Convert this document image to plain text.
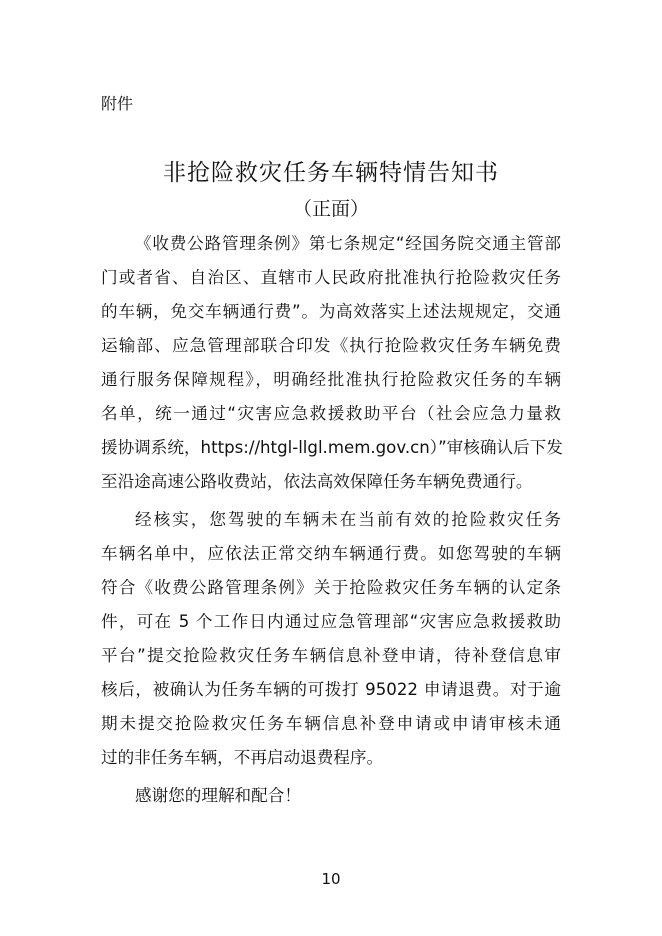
附件
非抢险救灾任务车辆特情告知书
（正面）
《收费公路管理条例》第七条规定“经国务院交通主管部
门或者省、自治区、直辖市人民政府批准执行抢险救灾任务
的车辆，免交车辆通行费”。为高效落实上述法规规定，交通
运输部、应急管理部联合印发《执行抢险救灾任务车辆免费
通行服务保障规程》，明确经批准执行抢险救灾任务的车辆
名单，统一通过“灾害应急救援救助平台（社会应急力量救
援协调系统，https://htgl-llgl.mem.gov.cn）”审核确认后下发
至沿途高速公路收费站，依法高效保障任务车辆免费通行。
经核实，您驾驶的车辆未在当前有效的抢险救灾任务
车辆名单中，应依法正常交纳车辆通行费。如您驾驶的车辆
符合《收费公路管理条例》关于抢险救灾任务车辆的认定条
件，可在 5 个工作日内通过应急管理部“灾害应急救援救助
平台”提交抢险救灾任务车辆信息补登申请，待补登信息审
核后，被确认为任务车辆的可拨打 95022 申请退费。对于逾
期未提交抢险救灾任务车辆信息补登申请或申请审核未通
过的非任务车辆，不再启动退费程序。
感谢您的理解和配合！
10
